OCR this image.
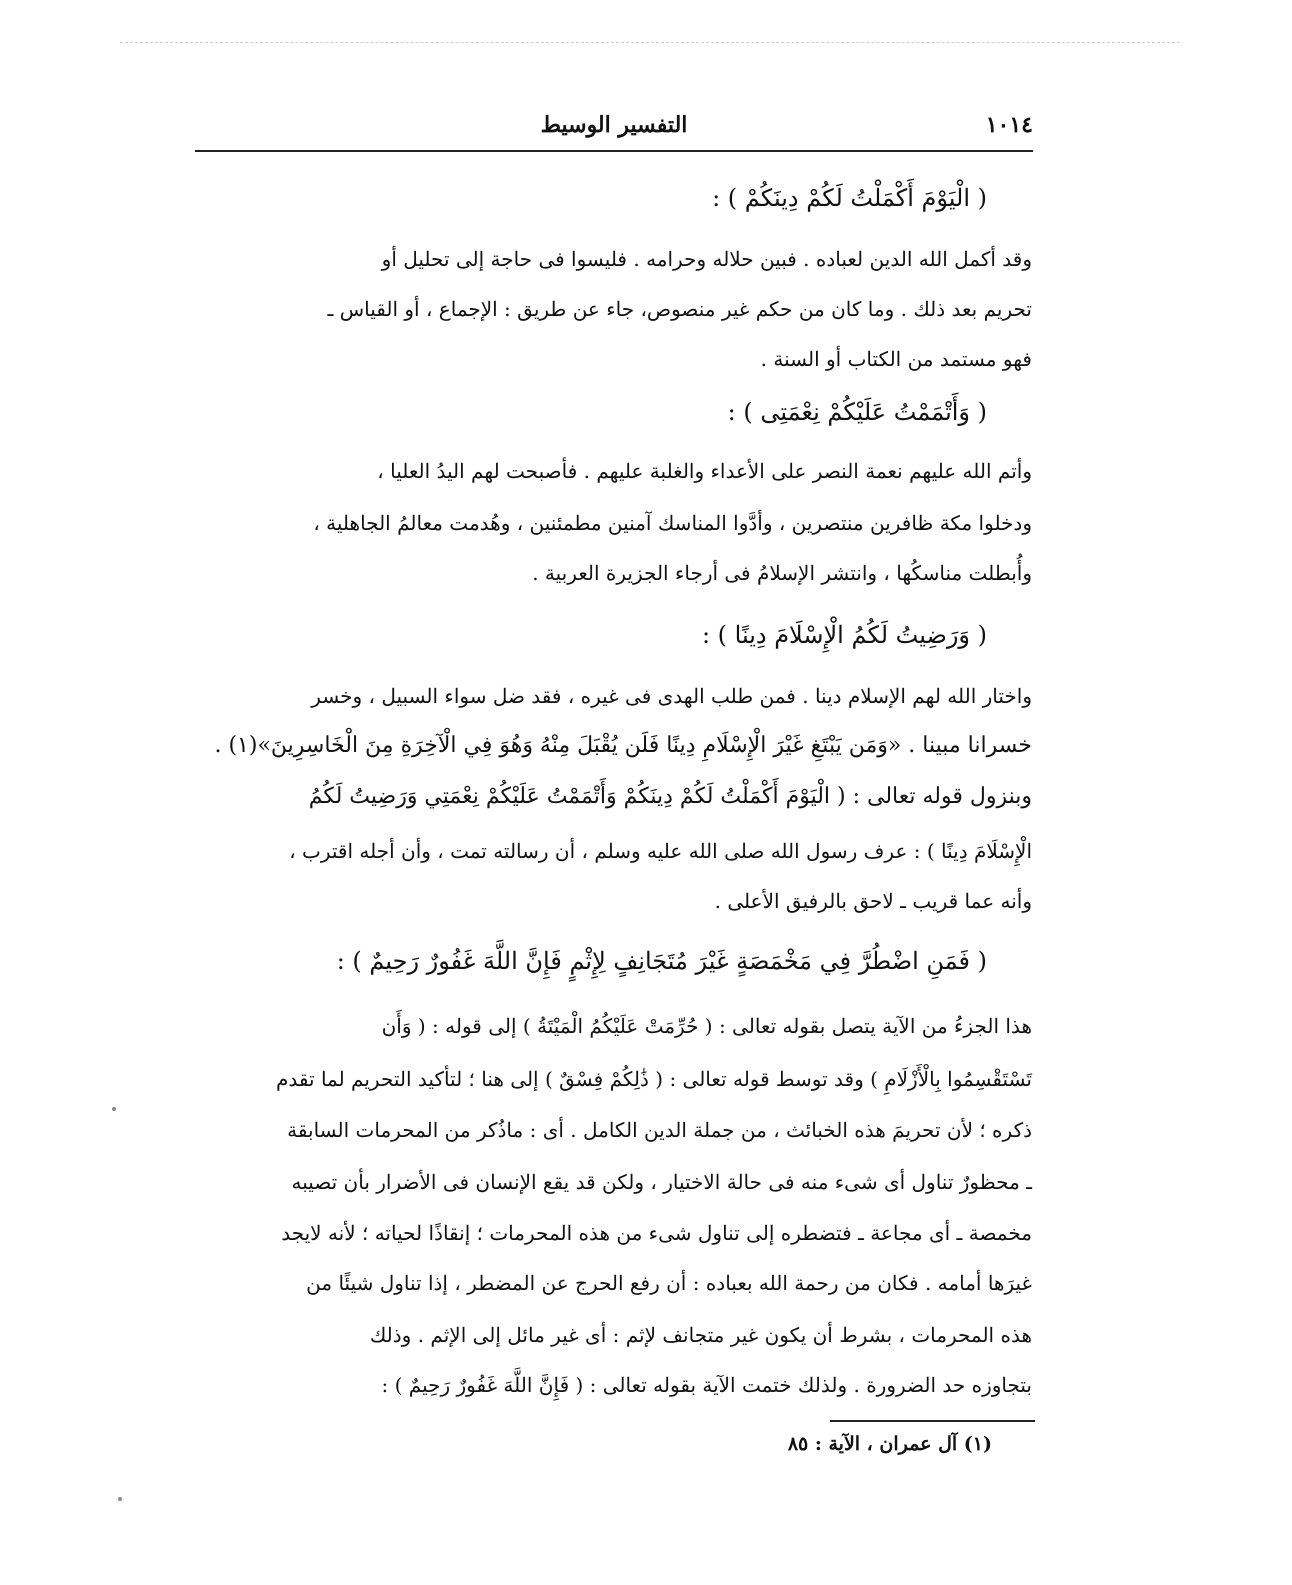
١٠١٤
التفسير الوسيط
( الْيَوْمَ أَكْمَلْتُ لَكُمْ دِينَكُمْ ) :
وقد أكمل الله الدين لعباده . فبين حلاله وحرامه . فليسوا فى حاجة إلى تحليل أو
تحريم بعد ذلك . وما كان من حكم غير منصوص، جاء عن طريق : الإجماع ، أو القياس ـ
فهو مستمد من الكتاب أو السنة .
( وَأَتْمَمْتُ عَلَيْكُمْ نِعْمَتِى ) :
وأتم الله عليهم نعمة النصر على الأعداء والغلبة عليهم . فأصبحت لهم اليدُ العليا ،
ودخلوا مكة ظافرين منتصرين ، وأدَّوا المناسك آمنين مطمئنين ، وهُدمت معالمُ الجاهلية ،
وأُبطلت مناسكُها ، وانتشر الإسلامُ فى أرجاء الجزيرة العربية .
( وَرَضِيتُ لَكُمُ الْإِسْلَامَ دِينًا ) :
واختار الله لهم الإسلام دينا . فمن طلب الهدى فى غيره ، فقد ضل سواء السبيل ، وخسر
خسرانا مبينا . «وَمَن يَبْتَغِ غَيْرَ الْإِسْلَامِ دِينًا فَلَن يُقْبَلَ مِنْهُ وَهُوَ فِي الْآخِرَةِ مِنَ الْخَاسِرِينَ»(١) .
وبنزول قوله تعالى : ( الْيَوْمَ أَكْمَلْتُ لَكُمْ دِينَكُمْ وَأَتْمَمْتُ عَلَيْكُمْ نِعْمَتِي وَرَضِيتُ لَكُمُ
الْإِسْلَامَ دِينًا ) : عرف رسول الله صلى الله عليه وسلم ، أن رسالته تمت ، وأن أجله اقترب ،
وأنه عما قريب ـ لاحق بالرفيق الأعلى .
( فَمَنِ اضْطُرَّ فِي مَخْمَصَةٍ غَيْرَ مُتَجَانِفٍ لِإِثْمٍ فَإِنَّ اللَّهَ غَفُورٌ رَحِيمٌ ) :
هذا الجزءُ من الآية يتصل بقوله تعالى : ( حُرِّمَتْ عَلَيْكُمُ الْمَيْتَةُ ) إلى قوله : ( وَأَن
تَسْتَقْسِمُوا بِالْأَزْلَامِ ) وقد توسط قوله تعالى : ( ذَٰلِكُمْ فِسْقٌ ) إلى هنا ؛ لتأكيد التحريم لما تقدم
ذكره ؛ لأن تحريمَ هذه الخبائث ، من جملة الدين الكامل . أى : ماذُكر من المحرمات السابقة
ـ محظورٌ تناول أى شىء منه فى حالة الاختيار ، ولكن قد يقع الإنسان فى الأضرار بأن تصيبه
مخمصة ـ أى مجاعة ـ فتضطره إلى تناول شىء من هذه المحرمات ؛ إنقاذًا لحياته ؛ لأنه لايجد
غيرَها أمامه . فكان من رحمة الله بعباده : أن رفع الحرج عن المضطر ، إذا تناول شيئًا من
هذه المحرمات ، بشرط أن يكون غير متجانف لإثم : أى غير مائل إلى الإثم . وذلك
بتجاوزه حد الضرورة . ولذلك ختمت الآية بقوله تعالى : ( فَإِنَّ اللَّهَ غَفُورٌ رَحِيمٌ ) :
(١) آل عمران ، الآية : ٨٥
